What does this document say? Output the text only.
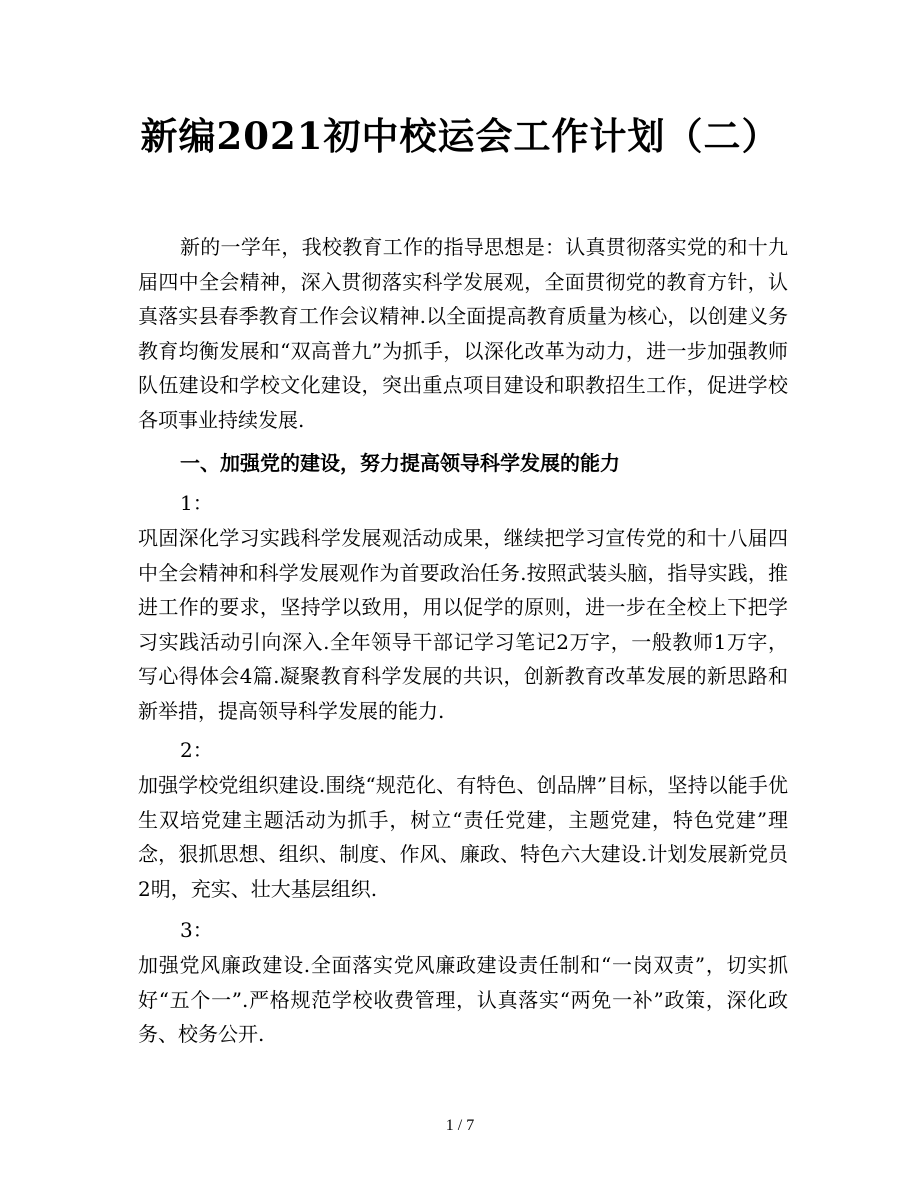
新编2021初中校运会工作计划（二）

新的一学年，我校教育工作的指导思想是：认真贯彻落实党的和十九届四中全会精神，深入贯彻落实科学发展观，全面贯彻党的教育方针，认真落实县春季教育工作会议精神.以全面提高教育质量为核心，以创建义务教育均衡发展和“双高普九”为抓手，以深化改革为动力，进一步加强教师队伍建设和学校文化建设，突出重点项目建设和职教招生工作，促进学校各项事业持续发展.

一、加强党的建设，努力提高领导科学发展的能力

1：

巩固深化学习实践科学发展观活动成果，继续把学习宣传党的和十八届四中全会精神和科学发展观作为首要政治任务.按照武装头脑，指导实践，推进工作的要求，坚持学以致用，用以促学的原则，进一步在全校上下把学习实践活动引向深入.全年领导干部记学习笔记2万字，一般教师1万字，写心得体会4篇.凝聚教育科学发展的共识，创新教育改革发展的新思路和新举措，提高领导科学发展的能力.

2：

加强学校党组织建设.围绕“规范化、有特色、创品牌”目标，坚持以能手优生双培党建主题活动为抓手，树立“责任党建，主题党建，特色党建”理念，狠抓思想、组织、制度、作风、廉政、特色六大建设.计划发展新党员2明，充实、壮大基层组织.

3：

加强党风廉政建设.全面落实党风廉政建设责任制和“一岗双责”，切实抓好“五个一”.严格规范学校收费管理，认真落实“两免一补”政策，深化政务、校务公开.

1 / 7
